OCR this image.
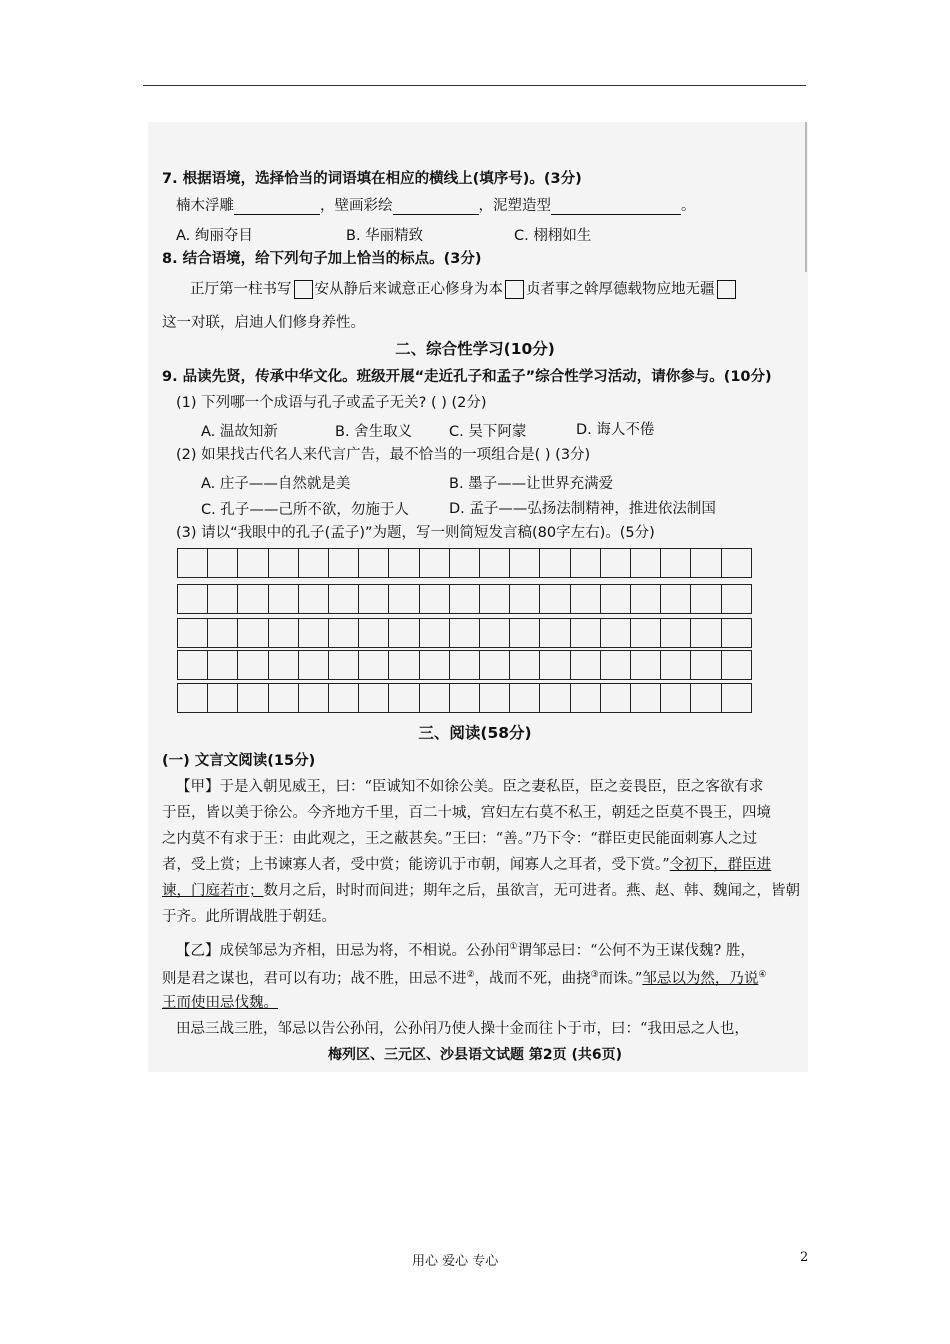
7. 根据语境，选择恰当的词语填在相应的横线上(填序号)。(3分)
楠木浮雕	，壁画彩绘	，泥塑造型	。
A. 绚丽夺目	B. 华丽精致	C. 栩栩如生
8. 结合语境，给下列句子加上恰当的标点。(3分)
正厅第一柱书写 安从静后来诚意正心修身为本 贞者事之斡厚德载物应地无疆
这一对联，启迪人们修身养性。
二、综合性学习(10分)
9. 品读先贤，传承中华文化。班级开展“走近孔子和孟子”综合性学习活动，请你参与。(10分)
(1) 下列哪一个成语与孔子或孟子无关? ( ) (2分)
A. 温故知新	B. 舍生取义	C. 吴下阿蒙	D. 诲人不倦
(2) 如果找古代名人来代言广告，最不恰当的一项组合是( ) (3分)
A. 庄子——自然就是美	B. 墨子——让世界充满爱
C. 孔子——己所不欲，勿施于人	D. 孟子——弘扬法制精神，推进依法制国
(3) 请以“我眼中的孔子(孟子)”为题，写一则简短发言稿(80字左右)。(5分)
三、阅读(58分)
(一) 文言文阅读(15分)
【甲】于是入朝见威王，曰：“臣诚知不如徐公美。臣之妻私臣，臣之妾畏臣，臣之客欲有求
于臣，皆以美于徐公。今齐地方千里，百二十城，宫妇左右莫不私王，朝廷之臣莫不畏王，四境
之内莫不有求于王：由此观之，王之蔽甚矣。”王曰：“善。”乃下令：“群臣吏民能面刺寡人之过
者，受上赏；上书谏寡人者，受中赏；能谤讥于市朝，闻寡人之耳者，受下赏。”令初下，群臣进
谏，门庭若市；数月之后，时时而间进；期年之后，虽欲言，无可进者。燕、赵、韩、魏闻之，皆朝
于齐。此所谓战胜于朝廷。
【乙】成侯邹忌为齐相，田忌为将，不相说。公孙闬①谓邹忌曰：“公何不为王谋伐魏? 胜，
则是君之谋也，君可以有功；战不胜，田忌不进②，战而不死，曲挠③而诛。”邹忌以为然，乃说④
王而使田忌伐魏。
田忌三战三胜，邹忌以告公孙闬，公孙闬乃使人操十金而往卜于市，曰：“我田忌之人也，
梅列区、三元区、沙县语文试题 第2页 (共6页)
用心 爱心 专心	2
